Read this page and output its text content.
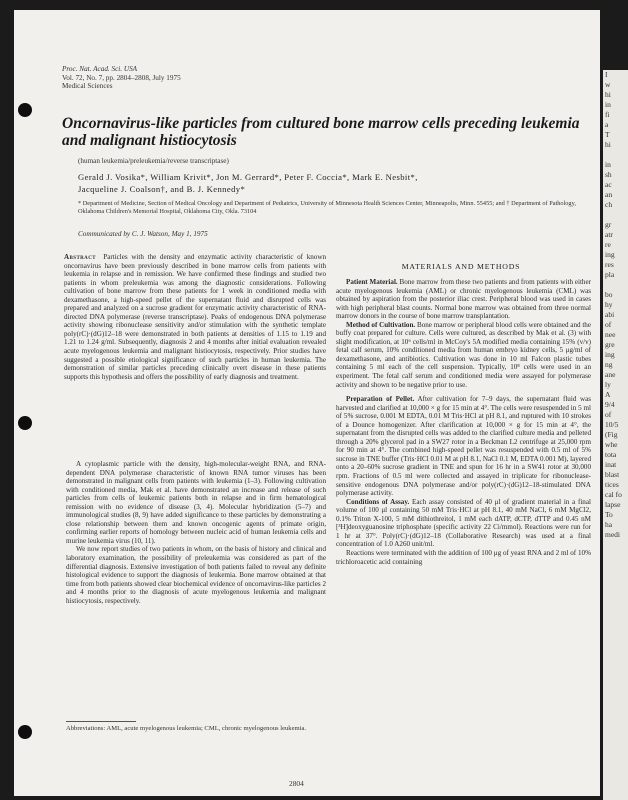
Proc. Nat. Acad. Sci. USA
Vol. 72, No. 7, pp. 2804–2808, July 1975
Medical Sciences
Oncornavirus-like particles from cultured bone marrow cells preceding leukemia and malignant histiocytosis
(human leukemia/preleukemia/reverse transcriptase)
Gerald J. Vosika*, William Krivit*, Jon M. Gerrard*, Peter F. Coccia*, Mark E. Nesbit*,
Jacqueline J. Coalson†, and B. J. Kennedy*
* Department of Medicine, Section of Medical Oncology and Department of Pediatrics, University of Minnesota Health Sciences Center, Minneapolis, Minn. 55455; and † Department of Pathology, Oklahoma Children's Memorial Hospital, Oklahoma City, Okla. 73104
Communicated by C. J. Watson, May 1, 1975

Abstract Particles with the density and enzymatic activity characteristic of known oncornavirus have been previously described in bone marrow cells from patients with leukemia in relapse and in remission. We have confirmed these findings and studied two patients in whom preleukemia was among the diagnostic considerations. Following cultivation of bone marrow from these patients for 1 week in conditioned media with dexamethasone, a high-speed pellet of the supernatant fluid and disrupted cells was prepared and analyzed on a sucrose gradient for enzymatic activity characteristic of RNA-directed DNA polymerase (reverse transcriptase). Peaks of endogenous DNA polymerase activity showing ribonuclease sensitivity and/or stimulation with the synthetic template poly(rC)·(dG)12–18 were demonstrated in both patients at densities of 1.15 to 1.19 and 1.21 to 1.24 g/ml. Subsequently, diagnosis 2 and 4 months after initial evaluation revealed acute myelogenous leukemia and malignant histiocytosis, respectively. Prior studies have suggested a possible etiological significance of such particles in human leukemia. The demonstration of similar particles preceding clinically overt disease in these patients supports this hypothesis and offers the possibility of early diagnosis and treatment.

A cytoplasmic particle with the density, high-molecular-weight RNA, and RNA-dependent DNA polymerase characteristic of known RNA tumor viruses has been demonstrated in malignant cells from patients with leukemia (1–3). Following cultivation with conditioned media, Mak et al. have demonstrated an increase and release of such particles from cells of leukemic patients both in relapse and in firm hematological remission with no evidence of disease (3, 4). Molecular hybridization (5–7) and immunological studies (8, 9) have added significance to these particles by demonstrating a close relationship between them and known oncogenic agents of primate origin, confirming earlier reports of homology between nucleic acid of human leukemia cells and murine leukemia virus (10, 11).

We now report studies of two patients in whom, on the basis of history and clinical and laboratory examination, the possibility of preleukemia was considered as part of the differential diagnosis. Extensive investigation of both patients failed to reveal any definite histological evidence to support the diagnosis of leukemia. Bone marrow obtained at that time from both patients showed clear biochemical evidence of oncornavirus-like particles 2 and 4 months prior to the diagnosis of acute myelogenous leukemia and malignant histiocytosis, respectively.

Abbreviations: AML, acute myelogenous leukemia; CML, chronic myelogenous leukemia.
MATERIALS AND METHODS

Patient Material. Bone marrow from these two patients and from patients with either acute myelogenous leukemia (AML) or chronic myelogenous leukemia (CML) was obtained by aspiration from the posterior iliac crest. Peripheral blood was used in cases with high peripheral blast counts. Normal bone marrow was obtained from three normal marrow donors in the course of bone marrow transplantation.

Method of Cultivation. Bone marrow or peripheral blood cells were obtained and the buffy coat prepared for culture. Cells were cultured, as described by Mak et al. (3) with slight modification, at 10⁶ cells/ml in McCoy's 5A modified media containing 15% (v/v) fetal calf serum, 10% conditioned media from human embryo kidney cells, 5 μg/ml of dexamethasone, and antibiotics. Cultivation was done in 10 ml Falcon plastic tubes containing 5 ml each of the cell suspension. Typically, 10⁸ cells were used in an experiment. The fetal calf serum and conditioned media were assayed for polymerase activity and shown to be negative prior to use.

Preparation of Pellet. After cultivation for 7–9 days, the supernatant fluid was harvested and clarified at 10,000 × g for 15 min at 4°. The cells were resuspended in 5 ml of 5% sucrose, 0.001 M EDTA, 0.01 M Tris·HCl at pH 8.1, and ruptured with 10 strokes of a Dounce homogenizer. After clarification at 10,000 × g for 15 min at 4°, the supernatant from the disrupted cells was added to the clarified culture media and pelleted through a 20% glycerol pad in a SW27 rotor in a Beckman L2 centrifuge at 25,000 rpm for 90 min at 4°. The combined high-speed pellet was resuspended with 0.5 ml of 5% sucrose in TNE buffer (Tris·HCl 0.01 M at pH 8.1, NaCl 0.1 M, EDTA 0.001 M), layered onto a 20–60% sucrose gradient in TNE and spun for 16 hr in a SW41 rotor at 30,000 rpm. Fractions of 0.5 ml were collected and assayed in triplicate for ribonuclease-sensitive endogenous DNA polymerase and/or poly(rC)·(dG)12–18-stimulated DNA polymerase activity.

Conditions of Assay. Each assay consisted of 40 μl of gradient material in a final volume of 100 μl containing 50 mM Tris·HCl at pH 8.1, 40 mM NaCl, 6 mM MgCl2, 0.1% Triton X-100, 5 mM dithiothreitol, 1 mM each dATP, dCTP, dTTP and 0.45 nM [³H]deoxyguanosine triphosphate (specific activity 22 Ci/mmol). Reactions were run for 1 hr at 37°. Poly(rC)·(dG)12–18 (Collaborative Research) was used at a final concentration of 1.0 A260 unit/ml.

Reactions were terminated with the addition of 100 μg of yeast RNA and 2 ml of 10% trichloroacetic acid containing

2804
I
w
hi
in
fi
a
T
hi

in
sh
ac
an
ch

gr
atr
re
ing
res
pla

bo
hy
abi
of
nee
gre
ing
ng
ane
ly
A
9/4
of
10/5
(Fig
whe
tota
inat
blast
tices
cal fo
lapse
To
ha
medi
